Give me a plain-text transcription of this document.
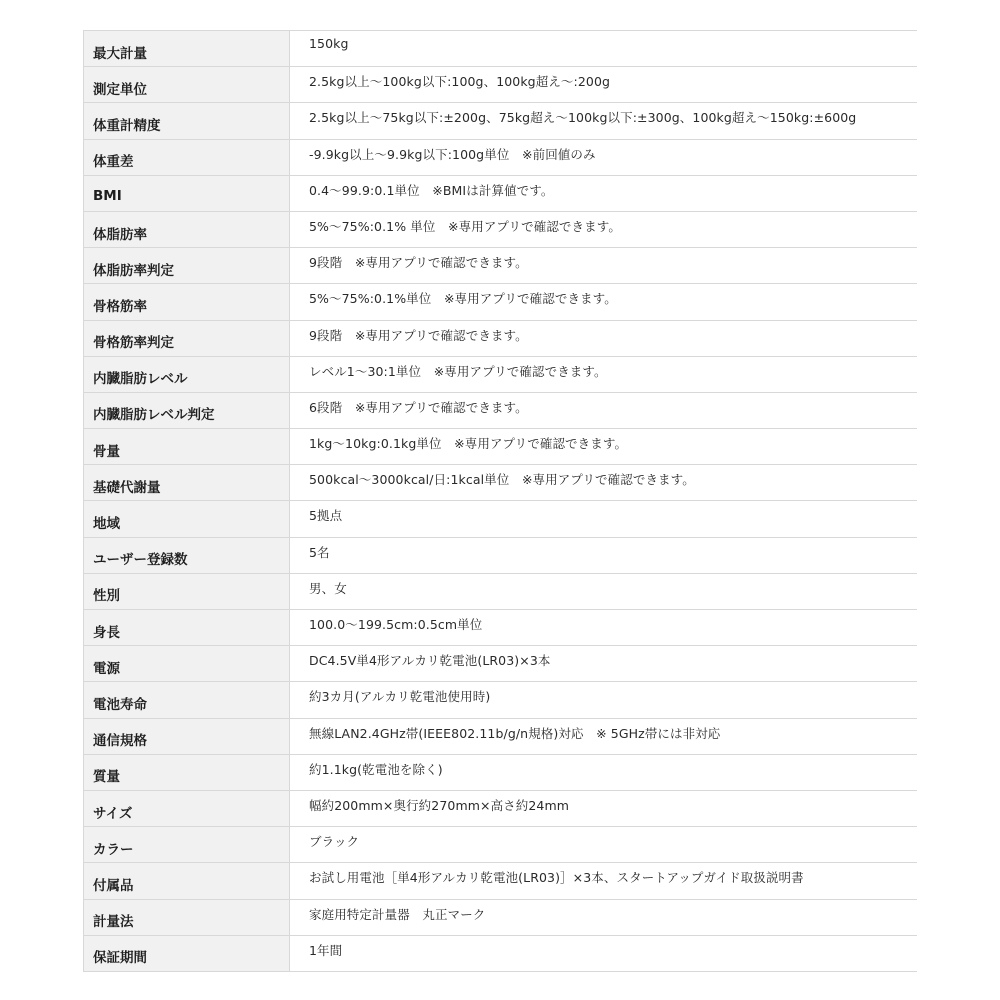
最大計量	150kg
測定単位	2.5kg以上〜100kg以下:100g、100kg超え〜:200g
体重計精度	2.5kg以上〜75kg以下:±200g、75kg超え〜100kg以下:±300g、100kg超え〜150kg:±600g
体重差	-9.9kg以上〜9.9kg以下:100g単位　※前回値のみ
BMI	0.4〜99.9:0.1単位　※BMIは計算値です。
体脂肪率	5%〜75%:0.1% 単位　※専用アプリで確認できます。
体脂肪率判定	9段階　※専用アプリで確認できます。
骨格筋率	5%〜75%:0.1%単位　※専用アプリで確認できます。
骨格筋率判定	9段階　※専用アプリで確認できます。
内臓脂肪レベル	レベル1〜30:1単位　※専用アプリで確認できます。
内臓脂肪レベル判定	6段階　※専用アプリで確認できます。
骨量	1kg〜10kg:0.1kg単位　※専用アプリで確認できます。
基礎代謝量	500kcal〜3000kcal/日:1kcal単位　※専用アプリで確認できます。
地域	5拠点
ユーザー登録数	5名
性別	男、女
身長	100.0〜199.5cm:0.5cm単位
電源	DC4.5V単4形アルカリ乾電池(LR03)×3本
電池寿命	約3カ月(アルカリ乾電池使用時)
通信規格	無線LAN2.4GHz帯(IEEE802.11b/g/n規格)対応　※ 5GHz帯には非対応
質量	約1.1kg(乾電池を除く)
サイズ	幅約200mm×奥行約270mm×高さ約24mm
カラー	ブラック
付属品	お試し用電池［単4形アルカリ乾電池(LR03)］×3本、スタートアップガイド取扱説明書
計量法	家庭用特定計量器　丸正マーク
保証期間	1年間
